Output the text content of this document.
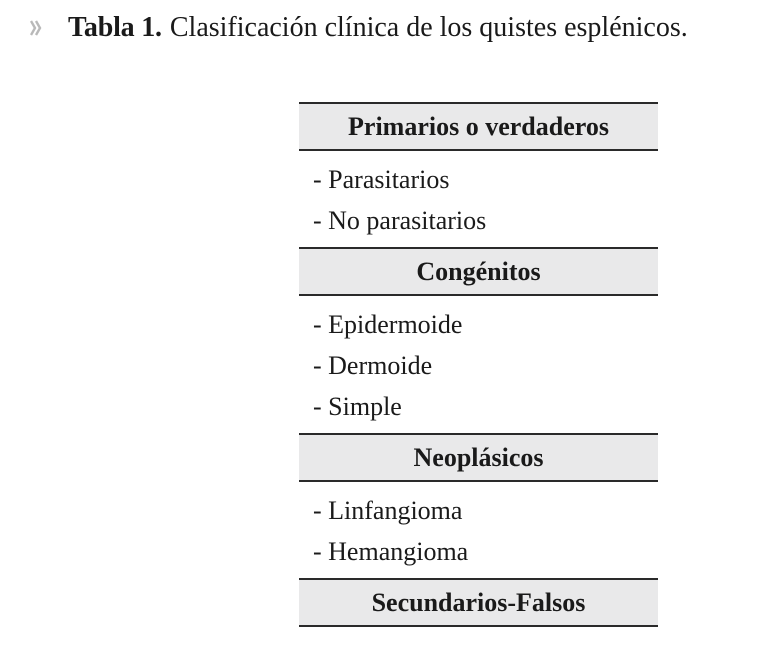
Tabla 1. Clasificación clínica de los quistes esplénicos.
Primarios o verdaderos
- Parasitarios
- No parasitarios
Congénitos
- Epidermoide
- Dermoide
- Simple
Neoplásicos
- Linfangioma
- Hemangioma
Secundarios-Falsos
